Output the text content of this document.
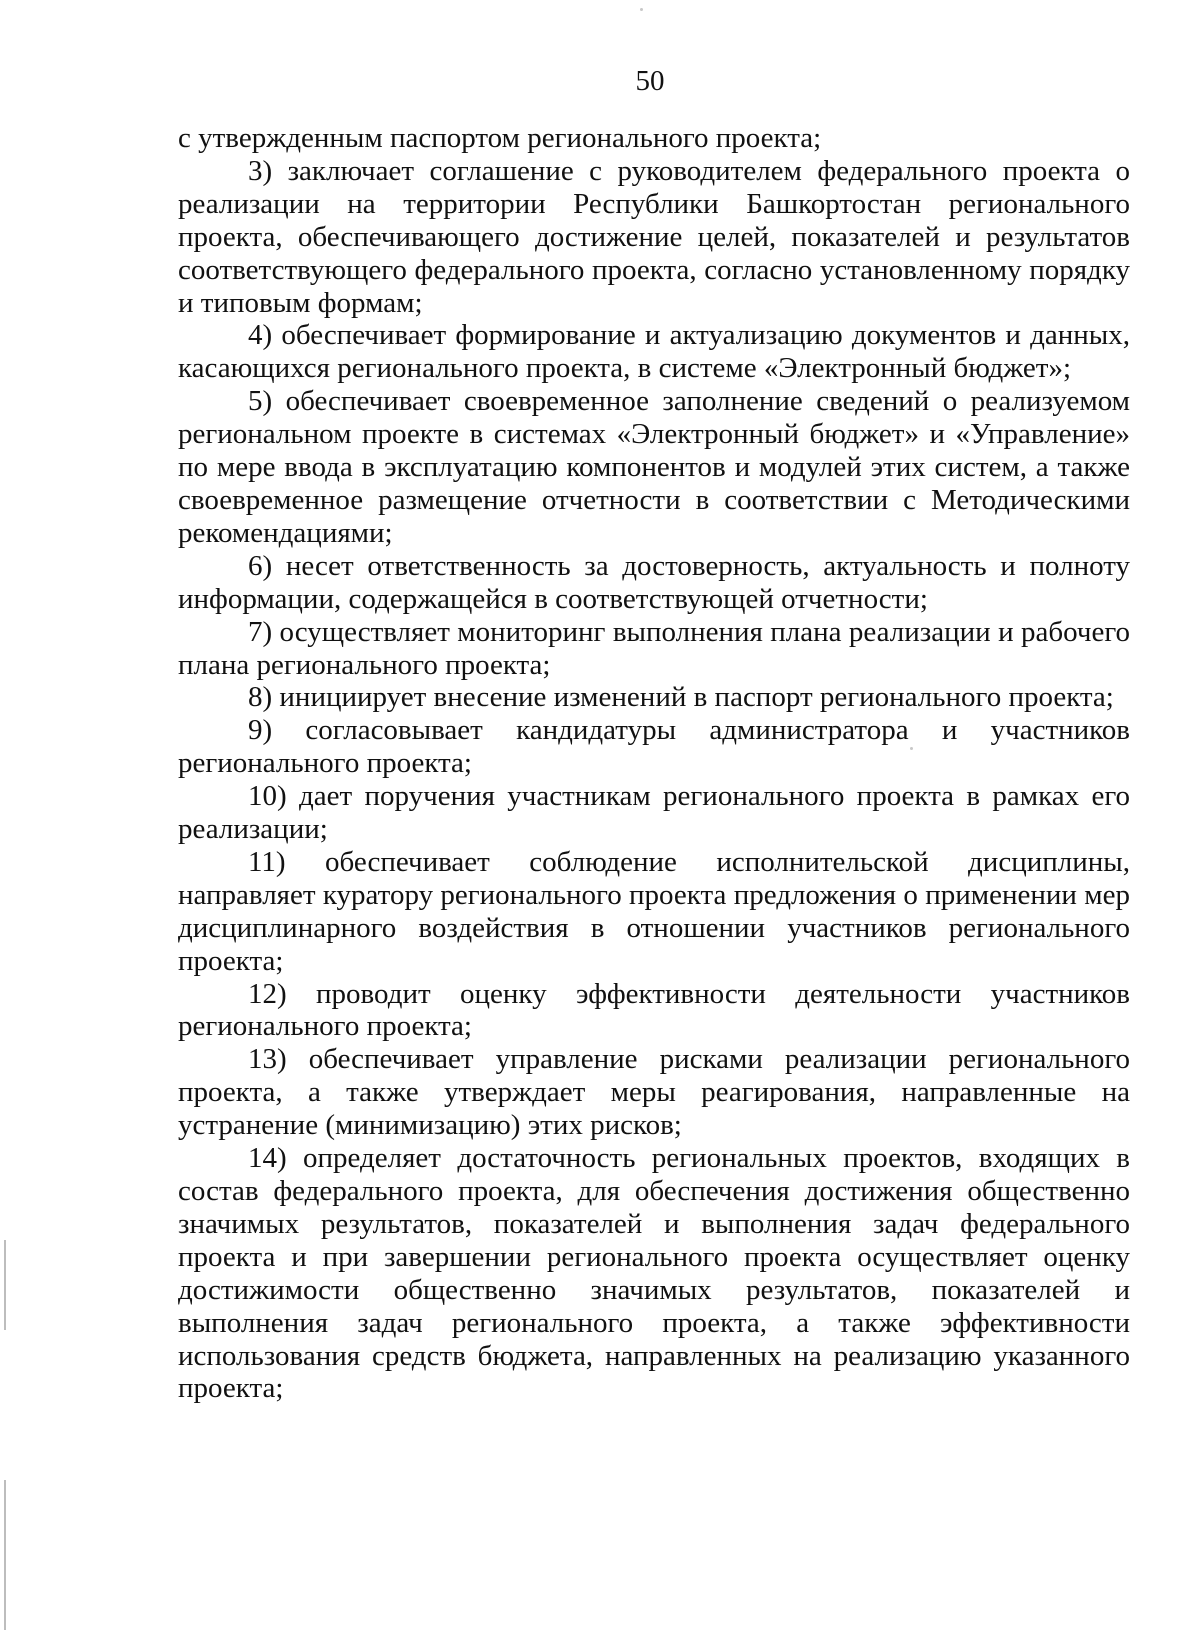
50

с утвержденным паспортом регионального проекта;

3) заключает соглашение с руководителем федерального проекта о реализации на территории Республики Башкортостан регионального проекта, обеспечивающего достижение целей, показателей и результатов соответствующего федерального проекта, согласно установленному порядку и типовым формам;

4) обеспечивает формирование и актуализацию документов и данных, касающихся регионального проекта, в системе «Электронный бюджет»;

5) обеспечивает своевременное заполнение сведений о реализуемом региональном проекте в системах «Электронный бюджет» и «Управление» по мере ввода в эксплуатацию компонентов и модулей этих систем, а также своевременное размещение отчетности в соответствии с Методическими рекомендациями;

6) несет ответственность за достоверность, актуальность и полноту информации, содержащейся в соответствующей отчетности;

7) осуществляет мониторинг выполнения плана реализации и рабочего плана регионального проекта;

8) инициирует внесение изменений в паспорт регионального проекта;

9) согласовывает кандидатуры администратора и участников регионального проекта;

10) дает поручения участникам регионального проекта в рамках его реализации;

11) обеспечивает соблюдение исполнительской дисциплины, направляет куратору регионального проекта предложения о применении мер дисциплинарного воздействия в отношении участников регионального проекта;

12) проводит оценку эффективности деятельности участников регионального проекта;

13) обеспечивает управление рисками реализации регионального проекта, а также утверждает меры реагирования, направленные на устранение (минимизацию) этих рисков;

14) определяет достаточность региональных проектов, входящих в состав федерального проекта, для обеспечения достижения общественно значимых результатов, показателей и выполнения задач федерального проекта и при завершении регионального проекта осуществляет оценку достижимости общественно значимых результатов, показателей и выполнения задач регионального проекта, а также эффективности использования средств бюджета, направленных на реализацию указанного проекта;
